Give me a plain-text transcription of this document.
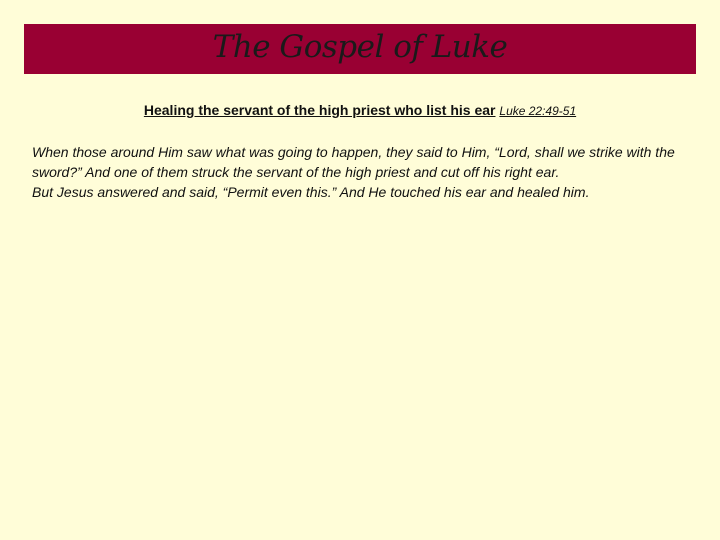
The Gospel of Luke
Healing the servant of the high priest who list his ear Luke 22:49-51

When those around Him saw what was going to happen, they said to Him, “Lord, shall we strike with the sword?” And one of them struck the servant of the high priest and cut off his right ear.

But Jesus answered and said, “Permit even this.” And He touched his ear and healed him.
